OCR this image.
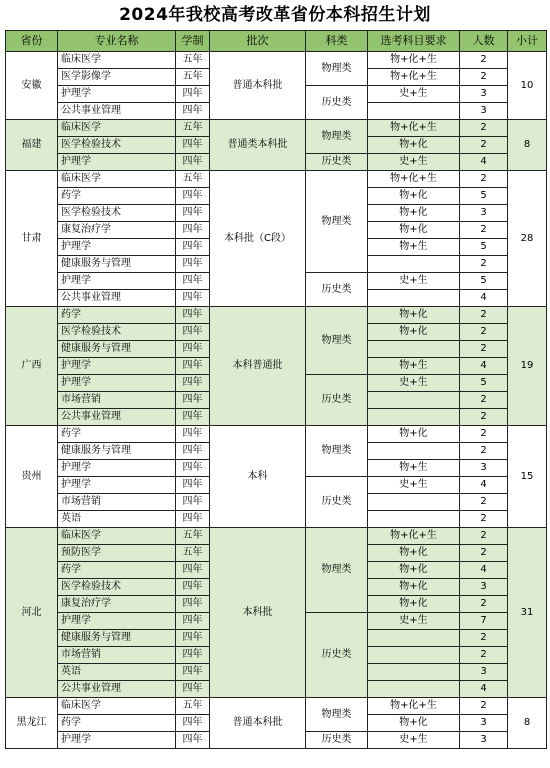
2024年我校高考改革省份本科招生计划
省份	专业名称	学制	批次	科类	选考科目要求	人数	小计
安徽	临床医学	五年	普通本科批	物理类	物+化+生	2	10
	医学影像学	五年			物+化+生	2	
	护理学	四年		历史类	史+生	3	
	公共事业管理	四年				3	
福建	临床医学	五年	普通类本科批	物理类	物+化+生	2	8
	医学检验技术	四年			物+化	2	
	护理学	四年		历史类	史+生	4	
甘肃	临床医学	五年	本科批（C段）	物理类	物+化+生	2	28
	药学	四年			物+化	5	
	医学检验技术	四年			物+化	3	
	康复治疗学	四年			物+化	2	
	护理学	四年			物+生	5	
	健康服务与管理	四年				2	
	护理学	四年		历史类	史+生	5	
	公共事业管理	四年				4	
广西	药学	四年	本科普通批	物理类	物+化	2	19
	医学检验技术	四年			物+化	2	
	健康服务与管理	四年				2	
	护理学	四年			物+生	4	
	护理学	四年		历史类	史+生	5	
	市场营销	四年				2	
	公共事业管理	四年				2	
贵州	药学	四年	本科	物理类	物+化	2	15
	健康服务与管理	四年				2	
	护理学	四年			物+生	3	
	护理学	四年		历史类	史+生	4	
	市场营销	四年				2	
	英语	四年				2	
河北	临床医学	五年	本科批	物理类	物+化+生	2	31
	预防医学	五年			物+化	2	
	药学	四年			物+化	4	
	医学检验技术	四年			物+化	3	
	康复治疗学	四年			物+化	2	
	护理学	四年		历史类	史+生	7	
	健康服务与管理	四年				2	
	市场营销	四年				2	
	英语	四年				3	
	公共事业管理	四年				4	
黑龙江	临床医学	五年	普通本科批	物理类	物+化+生	2	8
	药学	四年			物+化	3	
	护理学	四年		历史类	史+生	3	
